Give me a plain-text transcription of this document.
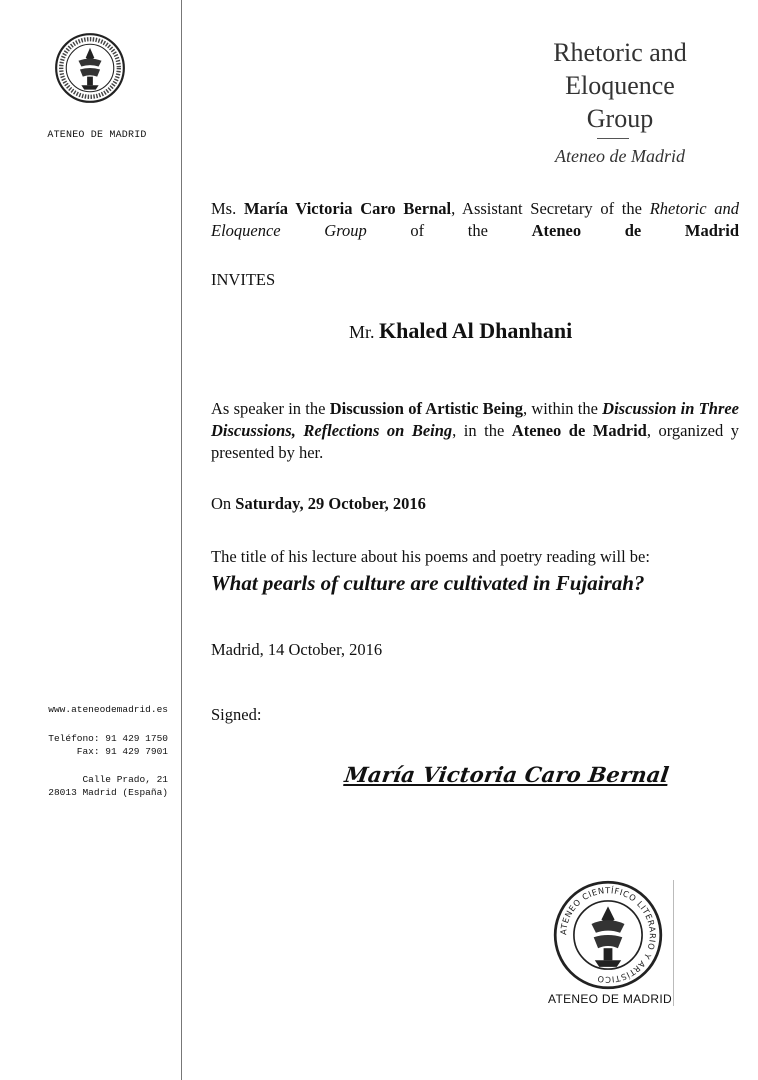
ATENEO DE MADRID
Rhetoric and
Eloquence
Group
Ateneo de Madrid
Ms. María Victoria Caro Bernal, Assistant Secretary of the Rhetoric and Eloquence Group of the Ateneo de Madrid
INVITES
Mr. Khaled Al Dhanhani
As speaker in the Discussion of Artistic Being, within the Discussion in Three Discussions, Reflections on Being, in the Ateneo de Madrid, organized y presented by her.
On Saturday, 29 October, 2016
The title of his lecture about his poems and poetry reading will be:
What pearls of culture are cultivated in Fujairah?
Madrid, 14 October, 2016
Signed:
María Victoria Caro Bernal
www.ateneodemadrid.es
Teléfono: 91 429 1750
Fax: 91 429 7901
Calle Prado, 21
28013 Madrid (España)
ATENEO CIENTÍFICO LITERARIO Y ARTÍSTICO
ATENEO DE MADRID
